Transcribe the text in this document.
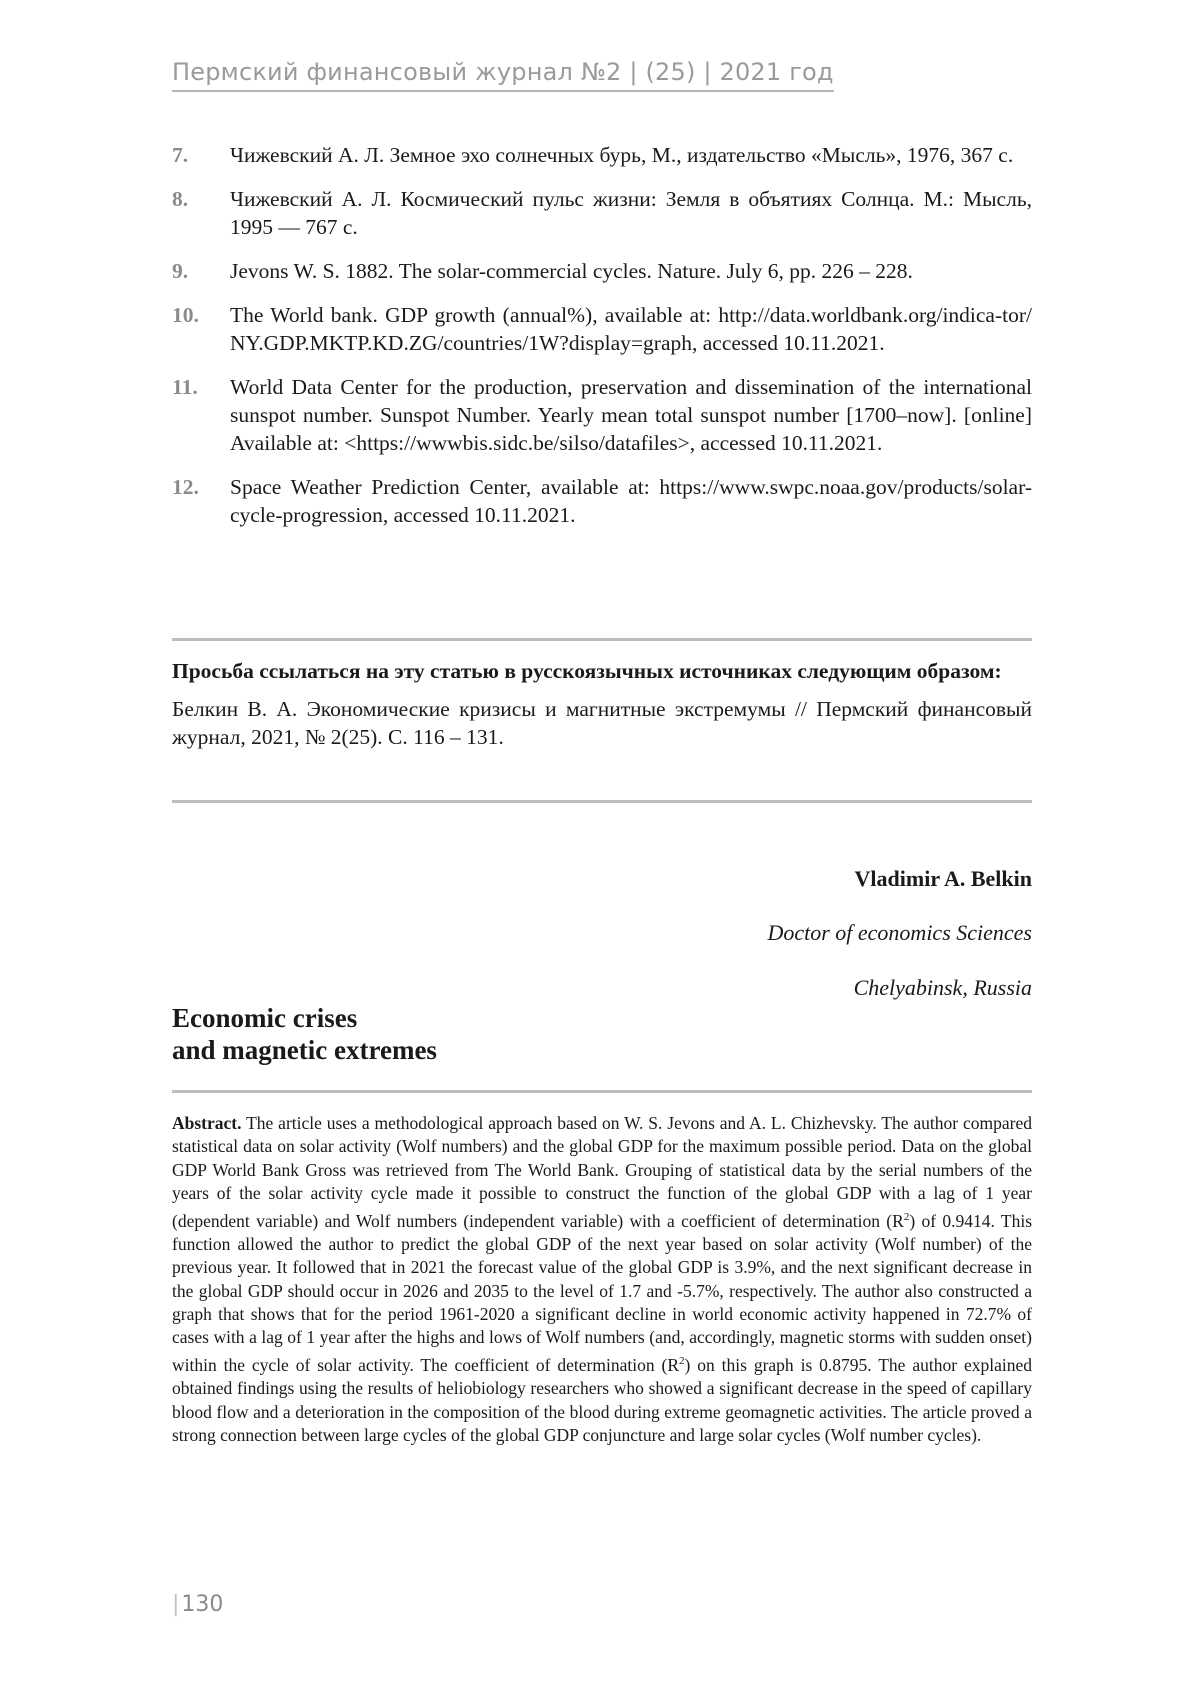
Пермский финансовый журнал №2 | (25) | 2021 год
7. Чижевский А. Л. Земное эхо солнечных бурь, М., издательство «Мысль», 1976, 367 с.
8. Чижевский А. Л. Космический пульс жизни: Земля в объятиях Солнца. М.: Мысль, 1995 — 767 с.
9. Jevons W. S. 1882. The solar-commercial cycles. Nature. July 6, pp. 226 – 228.
10. The World bank. GDP growth (annual%), available at: http://data.worldbank.org/indica-tor/NY.GDP.MKTP.KD.ZG/countries/1W?display=graph, accessed 10.11.2021.
11. World Data Center for the production, preservation and dissemination of the international sunspot number. Sunspot Number. Yearly mean total sunspot number [1700–now]. [online] Available at: <https://wwwbis.sidc.be/silso/datafiles>, accessed 10.11.2021.
12. Space Weather Prediction Center, available at: https://www.swpc.noaa.gov/products/solar-cycle-progression, accessed 10.11.2021.
Просьба ссылаться на эту статью в русскоязычных источниках следующим образом:
Белкин В. А. Экономические кризисы и магнитные экстремумы // Пермский финансовый журнал, 2021, № 2(25). С. 116 – 131.
Vladimir A. Belkin
Doctor of economics Sciences
Chelyabinsk, Russia
Economic crises
and magnetic extremes
Abstract. The article uses a methodological approach based on W. S. Jevons and A. L. Chizhevsky. The author compared statistical data on solar activity (Wolf numbers) and the global GDP for the maximum possible period. Data on the global GDP World Bank Gross was retrieved from The World Bank. Grouping of statistical data by the serial numbers of the years of the solar activity cycle made it possible to construct the function of the global GDP with a lag of 1 year (dependent variable) and Wolf numbers (independent variable) with a coefficient of determination $(R^2)$ of 0.9414. This function allowed the author to predict the global GDP of the next year based on solar activity (Wolf number) of the previous year. It followed that in 2021 the forecast value of the global GDP is 3.9%, and the next significant decrease in the global GDP should occur in 2026 and 2035 to the level of 1.7 and -5.7%, respectively. The author also constructed a graph that shows that for the period 1961-2020 a significant decline in world economic activity happened in 72.7% of cases with a lag of 1 year after the highs and lows of Wolf numbers (and, accordingly, magnetic storms with sudden onset) within the cycle of solar activity. The coefficient of determination $(R^2)$ on this graph is 0.8795. The author explained obtained findings using the results of heliobiology researchers who showed a significant decrease in the speed of capillary blood flow and a deterioration in the composition of the blood during extreme geomagnetic activities. The article proved a strong connection between large cycles of the global GDP conjuncture and large solar cycles (Wolf number cycles).
|130
